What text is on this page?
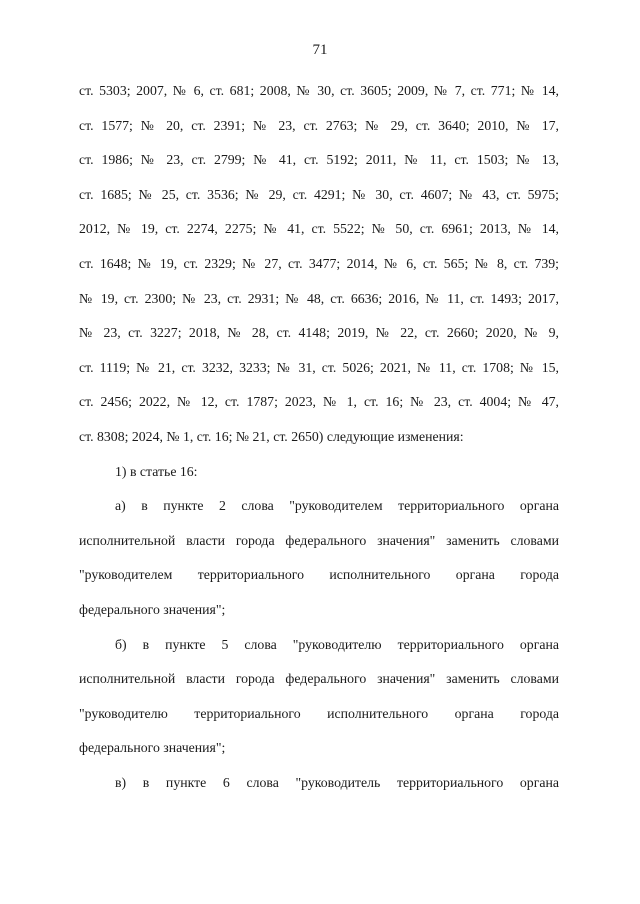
71
ст. 5303; 2007, № 6, ст. 681; 2008, № 30, ст. 3605; 2009, № 7, ст. 771; № 14,
ст. 1577; № 20, ст. 2391; № 23, ст. 2763; № 29, ст. 3640; 2010, № 17,
ст. 1986; № 23, ст. 2799; № 41, ст. 5192; 2011, № 11, ст. 1503; № 13,
ст. 1685; № 25, ст. 3536; № 29, ст. 4291; № 30, ст. 4607; № 43, ст. 5975;
2012, № 19, ст. 2274, 2275; № 41, ст. 5522; № 50, ст. 6961; 2013, № 14,
ст. 1648; № 19, ст. 2329; № 27, ст. 3477; 2014, № 6, ст. 565; № 8, ст. 739;
№ 19, ст. 2300; № 23, ст. 2931; № 48, ст. 6636; 2016, № 11, ст. 1493; 2017,
№ 23, ст. 3227; 2018, № 28, ст. 4148; 2019, № 22, ст. 2660; 2020, № 9,
ст. 1119; № 21, ст. 3232, 3233; № 31, ст. 5026; 2021, № 11, ст. 1708; № 15,
ст. 2456; 2022, № 12, ст. 1787; 2023, № 1, ст. 16; № 23, ст. 4004; № 47,
ст. 8308; 2024, № 1, ст. 16; № 21, ст. 2650) следующие изменения:
1) в статье 16:
а) в пункте 2 слова "руководителем территориального органа
исполнительной власти города федерального значения" заменить словами
"руководителем территориального исполнительного органа города
федерального значения";
б) в пункте 5 слова "руководителю территориального органа
исполнительной власти города федерального значения" заменить словами
"руководителю территориального исполнительного органа города
федерального значения";
в) в пункте 6 слова "руководитель территориального органа
